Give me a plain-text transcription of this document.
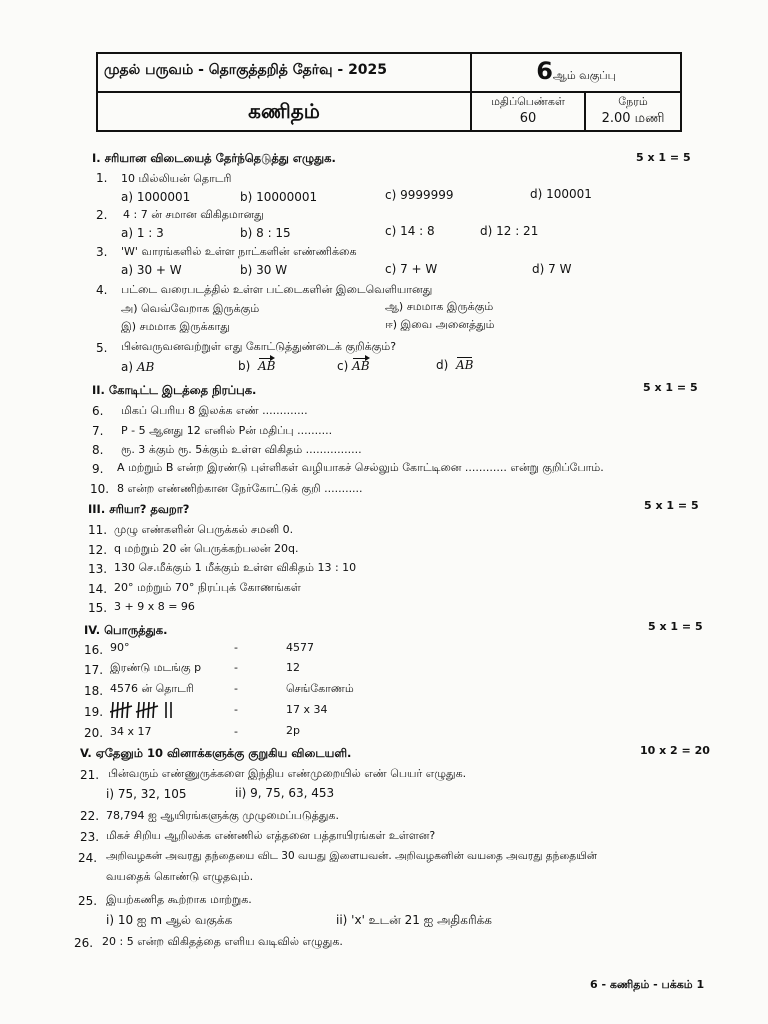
முதல் பருவம் - தொகுத்தறித் தேர்வு - 2025	6ஆம் வகுப்பு
கணிதம்	மதிப்பெண்கள்
60
நேரம்
2.00 மணி
I. சரியான விடையைத் தேர்ந்தெடுத்து எழுதுக.	5 x 1 = 5
1. 10 மில்லியன் தொடரி
a) 1000001	b) 10000001	c) 9999999	d) 100001
2. 4 : 7 ன் சமான விகிதமானது
a) 1 : 3	b) 8 : 15	c) 14 : 8	d) 12 : 21
3. 'W' வாரங்களில் உள்ள நாட்களின் எண்ணிக்கை
a) 30 + W	b) 30 W	c) 7 + W	d) 7 W
4. பட்டை வரைபடத்தில் உள்ள பட்டைகளின் இடைவெளியானது
அ) வெவ்வேறாக இருக்கும்	ஆ) சமமாக இருக்கும்
இ) சமமாக இருக்காது	ஈ) இவை அனைத்தும்
5. பின்வருவனவற்றுள் எது கோட்டுத்துண்டைக் குறிக்கும்?
a) AB	b) AB	c) AB	d) AB
II. கோடிட்ட இடத்தை நிரப்புக.	5 x 1 = 5
6. மிகப் பெரிய 8 இலக்க எண் .............
7. P - 5 ஆனது 12 எனில் Pன் மதிப்பு ..........
8. ரூ. 3 க்கும் ரூ. 5க்கும் உள்ள விகிதம் ................
9. A மற்றும் B என்ற இரண்டு புள்ளிகள் வழியாகச் செல்லும் கோட்டினை ............ என்று குறிப்போம்.
10. 8 என்ற எண்ணிற்கான நேர்கோட்டுக் குறி ...........
III. சரியா? தவறா?	5 x 1 = 5
11. முழு எண்களின் பெருக்கல் சமனி 0.
12. q மற்றும் 20 ன் பெருக்கற்பலன் 20q.
13. 130 செ.மீக்கும் 1 மீக்கும் உள்ள விகிதம் 13 : 10
14. 20° மற்றும் 70° நிரப்புக் கோணங்கள்
15. 3 + 9 x 8 = 96
IV. பொருத்துக.	5 x 1 = 5
16. 90°	-	4577
17. இரண்டு மடங்கு p	-	12
18. 4576 ன் தொடரி	-	செங்கோணம்
19.	-	17 x 34
20. 34 x 17	-	2p
V. ஏதேனும் 10 வினாக்களுக்கு குறுகிய விடையளி.	10 x 2 = 20
21. பின்வரும் எண்ணுருக்களை இந்திய எண்முறையில் எண் பெயர் எழுதுக.
i) 75, 32, 105	ii) 9, 75, 63, 453
22. 78,794 ஐ ஆயிரங்களுக்கு முழுமைப்படுத்துக.
23. மிகச் சிறிய ஆறிலக்க எண்ணில் எத்தனை பத்தாயிரங்கள் உள்ளன?
24. அறிவழகன் அவரது தந்தையை விட 30 வயது இளையவன். அறிவழகனின் வயதை அவரது தந்தையின்
வயதைக் கொண்டு எழுதவும்.
25. இயற்கணித கூற்றாக மாற்றுக.
i) 10 ஐ m ஆல் வகுக்க	ii) 'x' உடன் 21 ஐ அதிகரிக்க
26. 20 : 5 என்ற விகிதத்தை எளிய வடிவில் எழுதுக.
6 - கணிதம் - பக்கம் 1
